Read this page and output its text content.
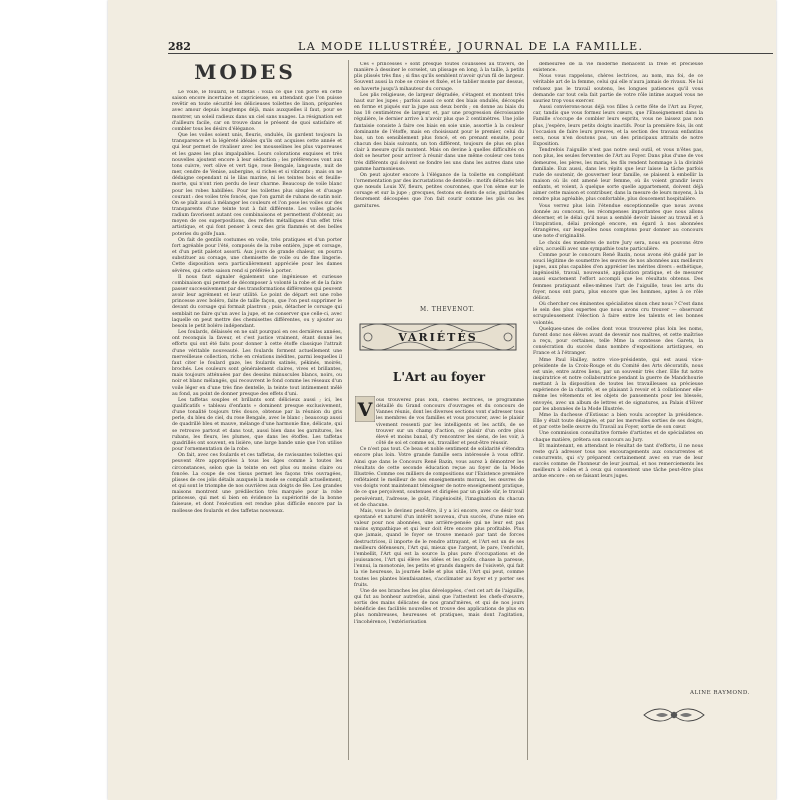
282	LA MODE ILLUSTRÉE, JOURNAL DE LA FAMILLE.
MODES

Le voile, le foulard, le taffetas : voilà ce que l'on porte en cette saison encore incertaine et capricieuse, en attendant que l'on puisse revêtir en toute sécurité les délicieuses toilettes de linon, préparées avec amour depuis longtemps déjà, mais auxquelles il faut, pour se montrer, un soleil radieux dans un ciel sans nuages. La résignation est d'ailleurs facile, car on trouve dans le présent de quoi satisfaire et combler tous les désirs d'élégance.

Que les voiles soient unis, fleuris, ondulés, ils gardent toujours la transparence et la légèreté idéales qu'ils ont acquises cette année et qui leur permet de rivaliser avec les mousselines les plus vaporeuses et les gazes les plus impalpables. Leurs colorations exquises et très nouvelles ajoutent encore à leur séduction ; les préférences vont aux tons cuivre, vert olive et vert tige, rose Bengale, langouste, nuit de mer, cendre de Venise, aubergine, si riches et si vibrants ; mais on ne dédaigne cependant ni le lilas marine, ni les teintes bois et feuille-morte, qui n'ont rien perdu de leur charme. Beaucoup de voile blanc pour les robes habillées. Pour les toilettes plus simples et d'usage courant : des voiles très foncés, que l'on garnit de rubans de satin noir. On se plaît aussi à mélanger les couleurs et l'on pose les voiles sur des transparents d'une teinte tout à fait différente. Les voiles glacés radium favorisent autant ces combinaisons et permettent d'obtenir, au moyen de ces superpositions, des reflets métalliques d'un effet très artistique, et qui font penser à ceux des gris flammés et des belles poteries du golfe Juan.

On fait de gentils costumes en voile, très pratiques et d'un porter fort agréable pour l'été, composés de la robe entière, jupe et corsage, et d'un petit paletot assorti. Aux jours de grande chaleur, on pourra substituer au corsage, une chemisette de voile ou de fine lingerie. Cette disposition sera particulièrement appréciée pour les dames sévères, qui cette saison rend si préférée à porter.

Il nous faut signaler également une ingénieuse et curieuse combinaison qui permet de décomposer à volonté la robe et de la faire passer successivement par des transformations différentes qui peuvent avoir leur agrément et leur utilité. Le point de départ est une robe princesse avec boléro, faite de taille façon, que l'on peut supprimer le devant du corsage qui formait plastron ; puis, détacher le corsage qui semblait ne faire qu'un avec la jupe, et ne conserver que celle-ci, avec laquelle on peut mettre des chemisettes différentes, ou y ajouter au besoin le petit boléro indépendant.

Les foulards, délaissés en ne sait pourquoi en ces dernières années, ont reconquis la faveur, et c'est justice vraiment, étant donné les efforts qui ont été faits pour donner à cette étoffe classique l'attrait d'une véritable nouveauté. Les foulards forment actuellement une merveilleuse collection, riche en créations inédites, parmi lesquelles il faut citer le foulard gaze, les foulards satinés, pékinés, moirés, brochés. Les couleurs sont généralement claires, vives et brillantes, mais toujours atténuées par des dessins minuscules blancs, noirs, ou noir et blanc mélangés, qui recouvrent le fond comme les réseaux d'un voile léger en d'une très fine dentelle, la teinte tout intimement mêlé au fond, au point de donner presque des effets d'uni.

Les taffetas souples et brillants sont délicieux aussi ; ici, les qualificatifs « tableau d'enfants » dominent presque exclusivement, d'une tonalité toujours très douce, obtenue par la réunion du gris perle, du bleu de ciel, du rose Bengale, avec le blanc ; beaucoup aussi de quadrillé bleu et mauve, mélange d'une harmonie fine, délicate, qui se retrouve partout et dans tout, aussi bien dans les garnitures, les rubans, les fleurs, les plumes, que dans les étoffes. Les taffetas quadrillés ont souvent, en lisière, une large bande unie que l'on utilise pour l'ornementation de la robe.

On fait, avec ces foulards et ces taffetas, de ravissantes toilettes qui peuvent être appropriées à tous les âges comme à toutes les circonstances, selon que la teinte en est plus ou moins claire ou foncée. La coupe de ces tissus permet les façons très ouvragées, plisses de ces jolis détails auxquels la mode se complaît actuellement, et qui sont le triomphe de nos ouvrières aux doigts de fée. Les grandes maisons montrent une prédilection très marquée pour la robe princesse, qui met si bien en évidence la supériorité de la bonne faiseuse, et dont l'exécution est rendue plus difficile encore par la mollesse des foulards et des taffetas nouveaux.

Ces « princesses » sont presque toutes coulissées au travers, de manière à dessiner le corselet, un plissage en long, à la taille, à petits plis plissés très fins ; si fins qu'ils semblent n'avoir qu'un fil de largeur. Souvent aussi la robe se croise et fixée, et le tablier monte par dessus, en haverte jusqu'à mihauteur du corsage.

Les plis religieuse, de largeur dégradée, s'étagent et montent très haut sur les jupes ; parfois aussi ce sont des biais ondulés, découpés en forme et piqués sur la jupe aux deux bords ; on donne au biais du bas 18 centimètres de largeur, et, par une progression décroissante régulière, le dernier arrive à n'avoir plus que 2 centimètres. Une jolie fantaisie consiste à faire ces biais en soie unie, assortie à la couleur dominante de l'étoffe, mais en choisissant pour le premier, celui du bas, un ton sensiblement plus foncé, et en prenant ensuite, pour chacun des biais suivants, un ton différent, toujours de plus en plus clair à mesure qu'ils montent. Mais on devine à quelles difficultés on doit se heurter pour arriver à réunir dans une même couleur ces tons très différents qui doivent se fondre les uns dans les autres dans une gamme harmonieuse.

On peut ajouter encore à l'élégance de la toilette en complétant l'ornementation par des incrustations de dentelle : motifs détachés tels que nœuds Louis XV, fleurs, petites couronnes, que l'on sème sur le corsage et sur la jupe ; grecques, festons en dents de scie, guirlandes fleurement découpées que l'on fait courir comme les plis ou les garnitures.

M. THEVENOT.
VARIÉTÉS
L'Art au foyer
V ous trouverez plus loin, chères lectrices, le programme détaillé du Grand concours d'ouvrages et du concours de Vannes réunis, dont les diverses sections vont s'adresser tous les membres de vos familles et vous procurer, avec le plaisir vivement ressenti par les intelligents et les actifs, de se trouver sur un champ d'action, ce plaisir d'un ordre plus élevé et moins banal, d'y rencontrer les siens, de les voir, à côté de soi et comme soi, travailler et peut-être réussir.

Ce n'est pas tout. Ce beau et noble sentiment de solidarité s'étendra encore plus loin. Votre grande famille sera intéressée à vous offrir. Ainsi que dans le Concours René Bazin, vous aurez à démontrer les résultats de cette seconde éducation reçue au foyer de la Mode Illustrée. Comme ces milliers de compositions sur l'Existence première reflétaient le meilleur de nos enseignements moraux, les œuvres de vos doigts vont maintenant témoigner de notre enseignement pratique, de ce que perçoivent, soutenues et dirigées par un guide sûr, le travail persévérant, l'adresse, le goût, l'ingéniosité, l'imagination du chacun et de chacune.

Mais, vous le devinez peut-être, il y a ici encore, avec ce désir tout spontané et naturel d'un intérêt nouveau, d'un succès, d'une mise en valeur pour nos abonnées, une arrière-pensée qui ne leur est pas moins sympathique et qui leur doit être encore plus profitable. Plus que jamais, quand le foyer se trouve menacé par tant de forces destructrices, il importe de le rendre attrayant, et l'Art est un de ses meilleurs défenseurs, l'Art qui, mieux que l'argent, le pare, l'enrichit, l'embellit, l'Art qui est la source la plus pure d'occupations et de jouissances, l'Art qui élève les idées et les goûts, chasse la paresse, l'ennui, la monotonie, les petits et grands dangers de l'oisiveté, qui fait la vie heureuse, la journée belle et plus utile, l'Art qui peut, comme toutes les plantes bienfaisantes, s'acclimater au foyer et y porter ses fruits.

Une de ses branches les plus développées, c'est cet art de l'aiguille, qui fut au bonheur autrefois, ainsi que l'attestent les chefs-d'œuvre, sortis des mains délicates de nos grand'mères, et qui de nos jours bénéficie des facilités nouvelles et trouve des applications de plus en plus nombreuses, heureuses et pratiques, mais dont l'agitation, l'incohérence, l'extériorisation

démesurée de la vie moderne menacent la frêle et précieuse existence.

Nous vous rappelons, chères lectrices, au nom, ma foi, de ce véritable art de la femme, celui qui elle n'aura jamais de rivaux. Ne lui refusez pas le travail soutenu, les longues patiences qu'il vous demande car tout cela fait partie de votre rôle intime auquel vous ne sauriez trop vous exercer.

Aussi convierons-nous déjà vos filles à cette fête de l'Art au Foyer, car, tandis que vous formez leurs cœurs, que l'Enseignement dans la Famille s'occupe de combler leurs esprits, vous ne laissez pas non plus, j'espère, leurs petits doigts inactifs. Pour la première fois, ils ont l'occasion de faire leurs preuves, et la section des travaux enfantins sera, nous n'en doutons pas, un des principaux attraits de notre Exposition.

Tendrefois l'aiguille n'est pas notre seul outil, et vous n'êtes pas, non plus, les seules ferventes de l'Art au Foyer. Dans plus d'une de vos demeures, les pères, les maris, les fils rendent hommage à la divinité familiale. Eux aussi, dans les répits que leur laisse la tâche parfois rude de soutenir, de gouverner leur famille, se plaisent à embellir la maison où ils ont amené leur femme, où ils voient grandir leurs enfants, et voient, à quelque sorte quelle appartement, doivent déjà aimer cette maison et contribuer, dans la mesure de leurs moyens, à la rendre plus agréable, plus confortable, plus doucement hospitalière.

Vous verrez plus loin l'étendue exceptionnelle que nous avons donnée au concours, les récompenses importantes que nous allons décerner, et le délai qu'il nous a semblé devoir laisser au travail et à l'inspiration, délai prolongé encore, en égard à nos abonnées étrangères, sur lesquelles nous comptons pour donner au concours une note d'originalité.

Le choix des membres de notre Jury sera, nous en pouvons être sûrs, accueilli avec une sympathie toute particulière.

Comme pour le concours René Bazin, nous avons été guidé par le souci légitime de soumettre les œuvres de nos abonnées aux meilleurs juges, aux plus capables d'en apprécier les mérites divers : esthétique, ingéniosité, travail, nouveauté, application pratique, et de mesurer aussi exactement l'effort accompli que les résultats obtenus. Des femmes pratiquant elles-mêmes l'art de l'aiguille, tous les arts du foyer, nous ont paru, plus encore que les hommes, aptes à ce rôle délicat.

Où chercher ces éminentes spécialistes sinon chez nous ? C'est dans le sein des plus expertes que nous avons cru trouver — observant scrupuleusement l'élection à faire entre les talents et les bonnes volontés.

Quelques-unes de celles dont vous trouverez plus loin les noms, furent donc nos élèves avant de devenir nos maîtres, et cette maîtrise a reçu, pour certaines, telle Mme la comtesse des Garets, la consécration du succès dans nombre d'expositions artistiques, en France et à l'étranger.

Mme Paul Hailley, notre vice-présidente, qui est aussi vice-présidente de la Croix-Rouge et du Comité des Arts décoratifs, nous est unie, entre autres liens, par un souvenir très cher. Elle fut notre inspiratrice et notre collaboratrice pendant la guerre de Mandchourie mettant à la disposition de toutes les travailleuses sa précieuse expérience de la charité, et se plaisant à revoir et à collationner elle-même les vêtements et les objets de pansements pour les blessés, envoyés, avec un album de lettres et de signatures, au Palais d'Hiver par les abonnées de la Mode Illustrée.

Mme la duchesse d'Estissac a bien voulu accepter la présidence. Elle y était toute désignée, et par les merveilles sorties de ses doigts, et par cette belle œuvre du Travail au Foyer, sortie de son cœur.

Une commission consultative formée d'artistes et de spécialistes en chaque matière, prêtera son concours au Jury.

Et maintenant, en attendant le résultat de tant d'efforts, il ne nous reste qu'à adresser tous nos encouragements aux concurrentes et concurrents, qui s'y préparent certainement avec en vue de leur succès comme de l'honneur de leur journal, et nos remerciements les meilleurs à celles et à ceux qui consentent une tâche peut-être plus ardue encore : en se faisant leurs juges.

ALINE RAYMOND.
